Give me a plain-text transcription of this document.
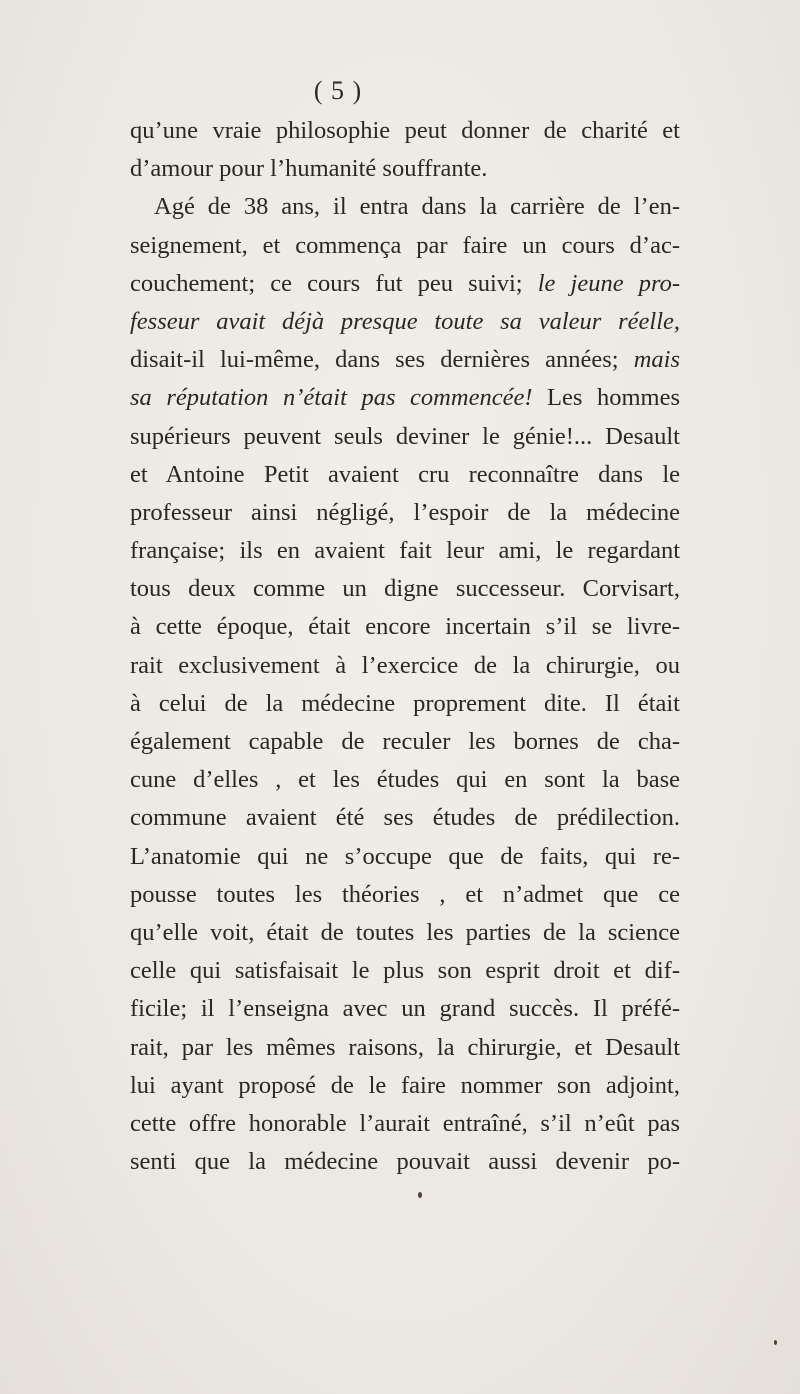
( 5 )
qu’une vraie philosophie peut donner de charité et
d’amour pour l’humanité souffrante.
Agé de 38 ans, il entra dans la carrière de l’en-
seignement, et commença par faire un cours d’ac-
couchement; ce cours fut peu suivi; le jeune pro-
fesseur avait déjà presque toute sa valeur réelle,
disait-il lui-même, dans ses dernières années; mais
sa réputation n’était pas commencée! Les hommes
supérieurs peuvent seuls deviner le génie!... Desault
et Antoine Petit avaient cru reconnaître dans le
professeur ainsi négligé, l’espoir de la médecine
française; ils en avaient fait leur ami, le regardant
tous deux comme un digne successeur. Corvisart,
à cette époque, était encore incertain s’il se livre-
rait exclusivement à l’exercice de la chirurgie, ou
à celui de la médecine proprement dite. Il était
également capable de reculer les bornes de cha-
cune d’elles , et les études qui en sont la base
commune avaient été ses études de prédilection.
L’anatomie qui ne s’occupe que de faits, qui re-
pousse toutes les théories , et n’admet que ce
qu’elle voit, était de toutes les parties de la science
celle qui satisfaisait le plus son esprit droit et dif-
ficile; il l’enseigna avec un grand succès. Il préfé-
rait, par les mêmes raisons, la chirurgie, et Desault
lui ayant proposé de le faire nommer son adjoint,
cette offre honorable l’aurait entraîné, s’il n’eût pas
senti que la médecine pouvait aussi devenir po-
